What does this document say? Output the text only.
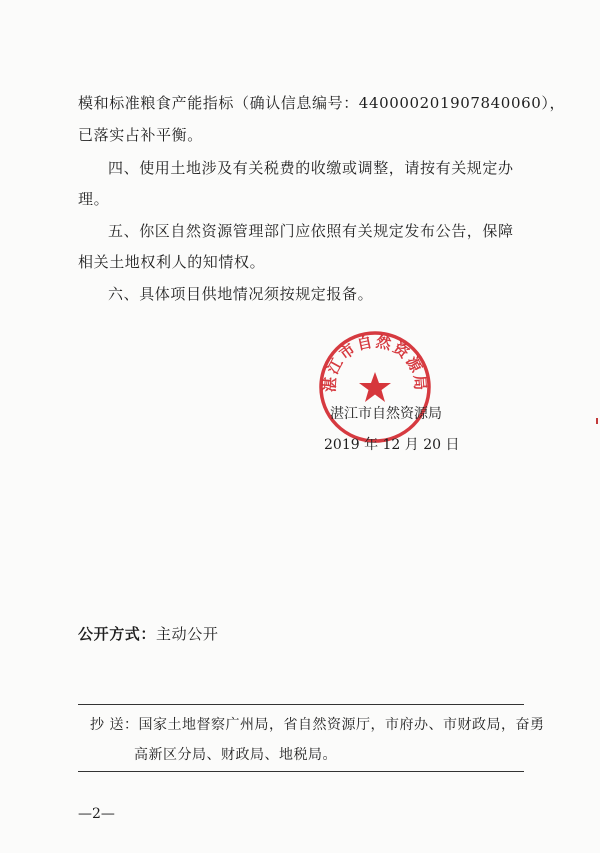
模和标准粮食产能指标（确认信息编号：440000201907840060），
已落实占补平衡。
四、使用土地涉及有关税费的收缴或调整，请按有关规定办
理。
五、你区自然资源管理部门应依照有关规定发布公告，保障
相关土地权利人的知情权。
六、具体项目供地情况须按规定报备。
湛江市自然资源局
湛江市自然资源局
2019 年 12 月 20 日
公开方式：主动公开
抄 送：国家土地督察广州局，省自然资源厅，市府办、市财政局，奋勇
高新区分局、财政局、地税局。
—2—
